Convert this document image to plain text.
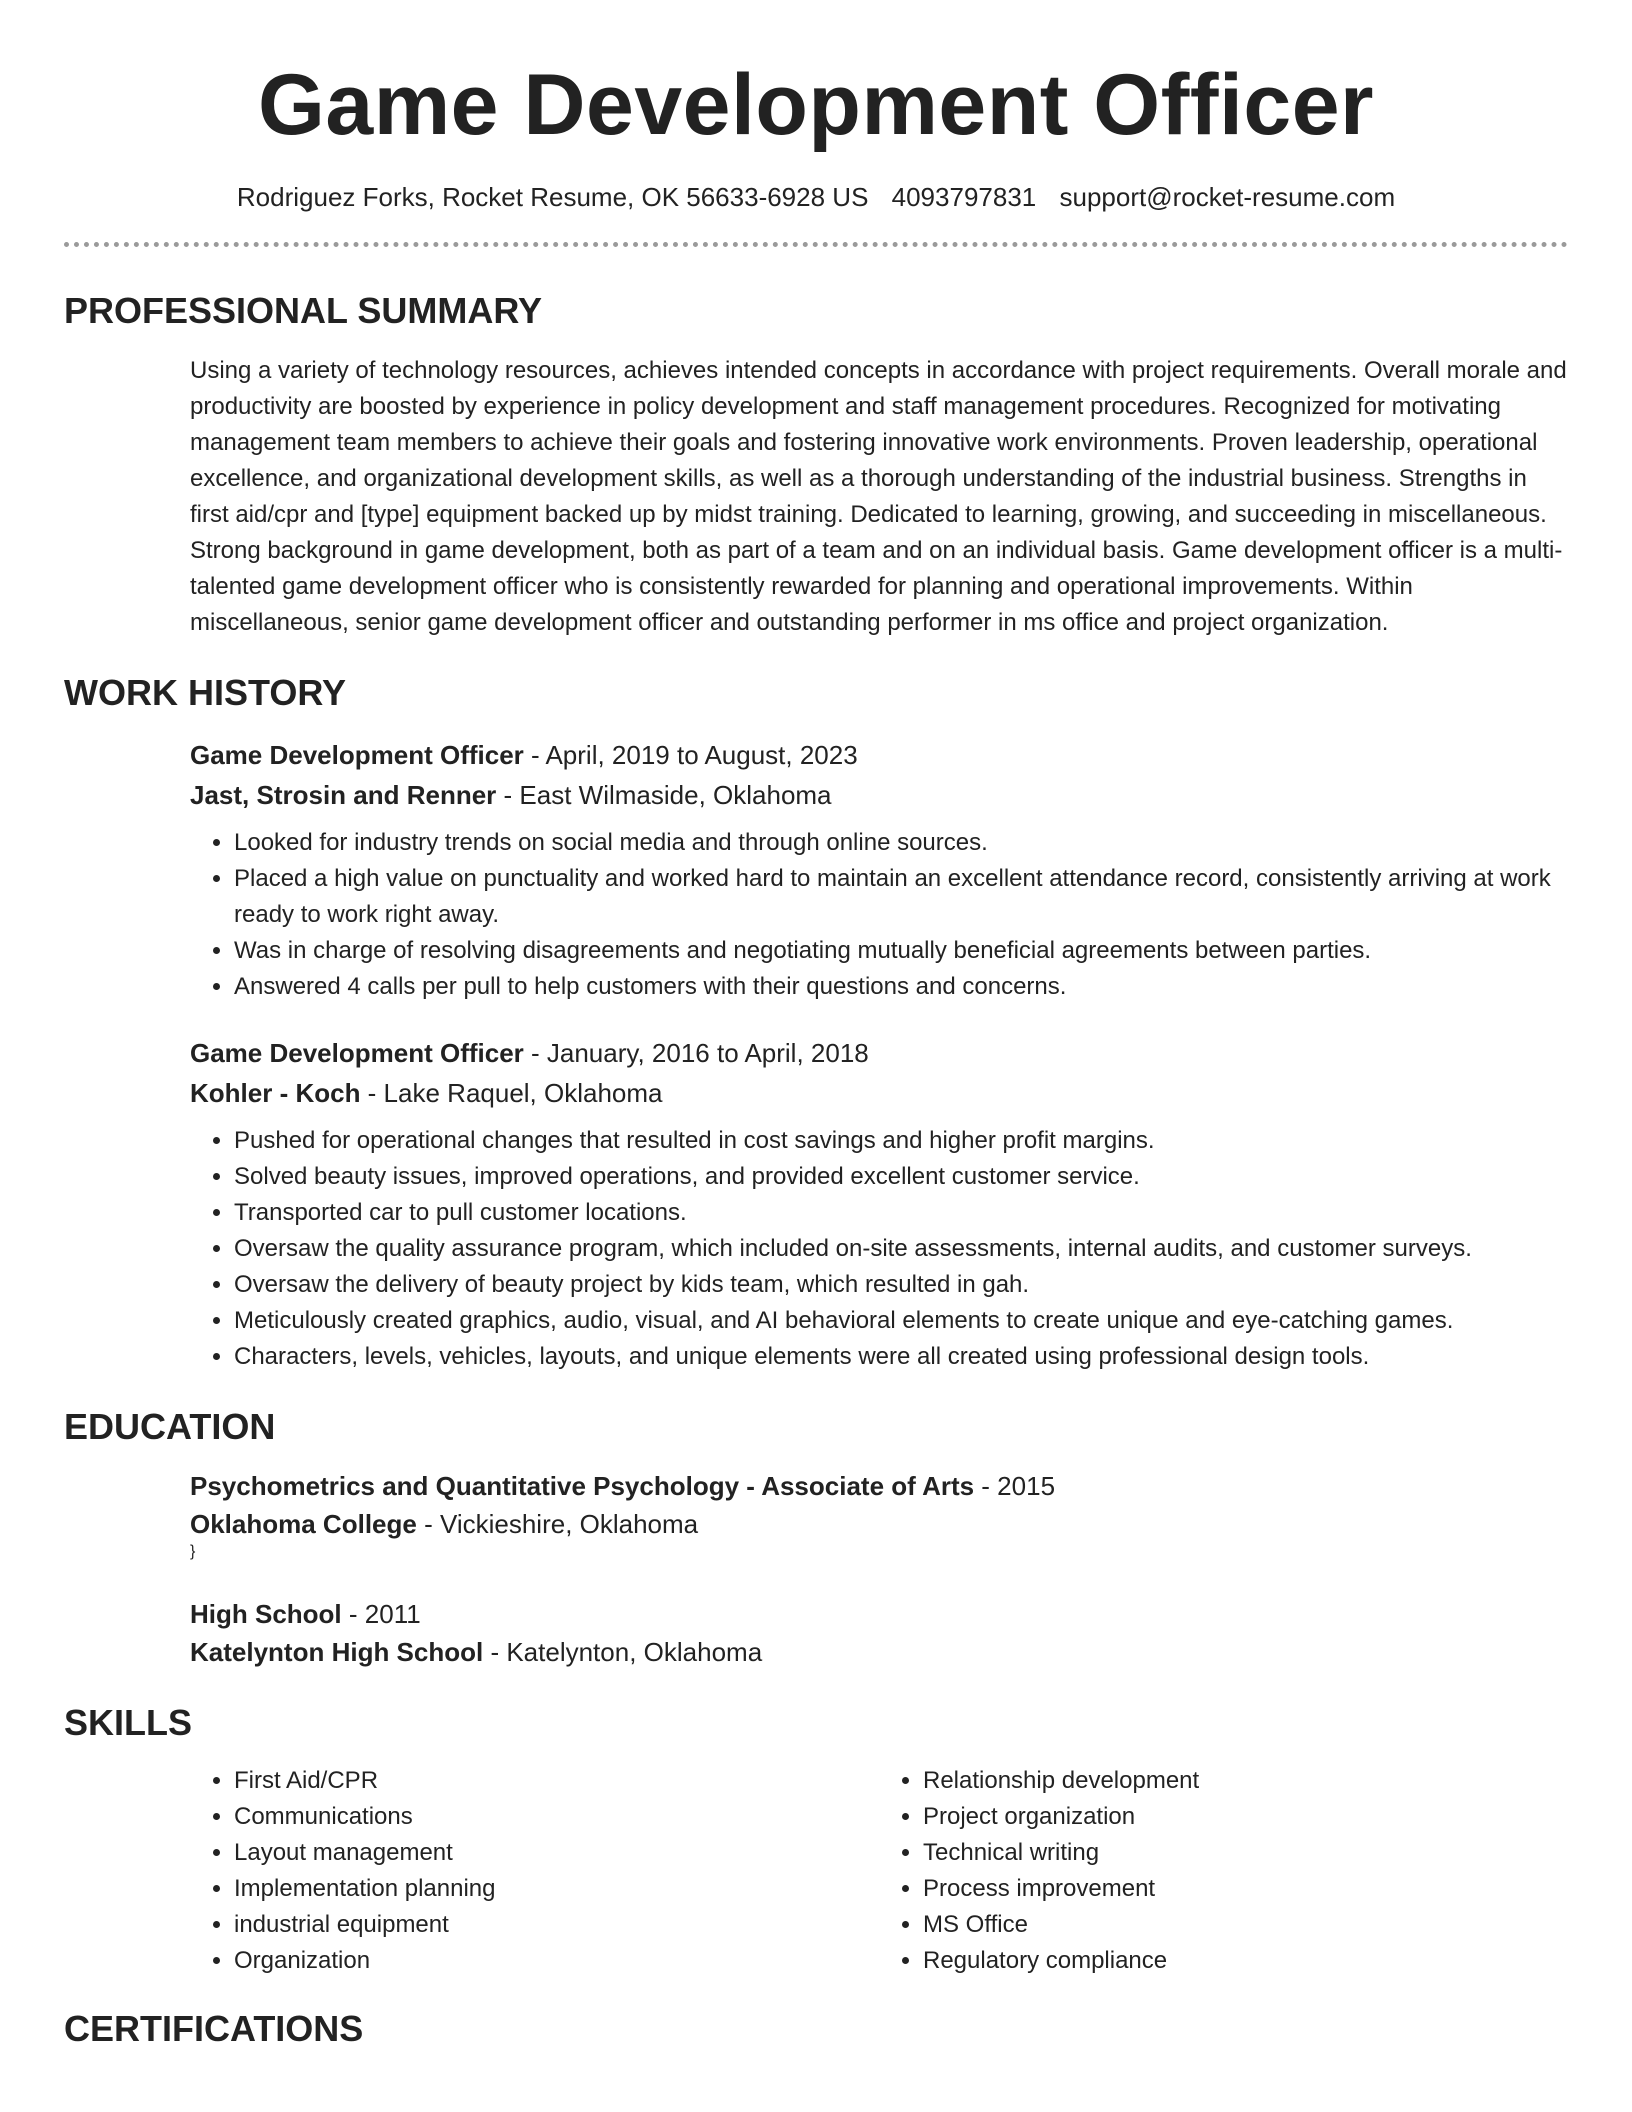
Game Development Officer
Rodriguez Forks, Rocket Resume, OK 56633-6928 US 4093797831 support@rocket-resume.com
PROFESSIONAL SUMMARY

Using a variety of technology resources, achieves intended concepts in accordance with project requirements. Overall morale and productivity are boosted by experience in policy development and staff management procedures. Recognized for motivating management team members to achieve their goals and fostering innovative work environments. Proven leadership, operational excellence, and organizational development skills, as well as a thorough understanding of the industrial business. Strengths in first aid/cpr and [type] equipment backed up by midst training. Dedicated to learning, growing, and succeeding in miscellaneous. Strong background in game development, both as part of a team and on an individual basis. Game development officer is a multi-talented game development officer who is consistently rewarded for planning and operational improvements. Within miscellaneous, senior game development officer and outstanding performer in ms office and project organization.

WORK HISTORY
Game Development Officer - April, 2019 to August, 2023
Jast, Strosin and Renner - East Wilmaside, Oklahoma
• Looked for industry trends on social media and through online sources.
• Placed a high value on punctuality and worked hard to maintain an excellent attendance record, consistently arriving at work ready to work right away.
• Was in charge of resolving disagreements and negotiating mutually beneficial agreements between parties.
• Answered 4 calls per pull to help customers with their questions and concerns.
Game Development Officer - January, 2016 to April, 2018
Kohler - Koch - Lake Raquel, Oklahoma
• Pushed for operational changes that resulted in cost savings and higher profit margins.
• Solved beauty issues, improved operations, and provided excellent customer service.
• Transported car to pull customer locations.
• Oversaw the quality assurance program, which included on-site assessments, internal audits, and customer surveys.
• Oversaw the delivery of beauty project by kids team, which resulted in gah.
• Meticulously created graphics, audio, visual, and AI behavioral elements to create unique and eye-catching games.
• Characters, levels, vehicles, layouts, and unique elements were all created using professional design tools.
EDUCATION
Psychometrics and Quantitative Psychology - Associate of Arts - 2015
Oklahoma College - Vickieshire, Oklahoma
}
High School - 2011
Katelynton High School - Katelynton, Oklahoma
SKILLS
• First Aid/CPR
• Communications
• Layout management
• Implementation planning
• industrial equipment
• Organization
• Relationship development
• Project organization
• Technical writing
• Process improvement
• MS Office
• Regulatory compliance
CERTIFICATIONS
